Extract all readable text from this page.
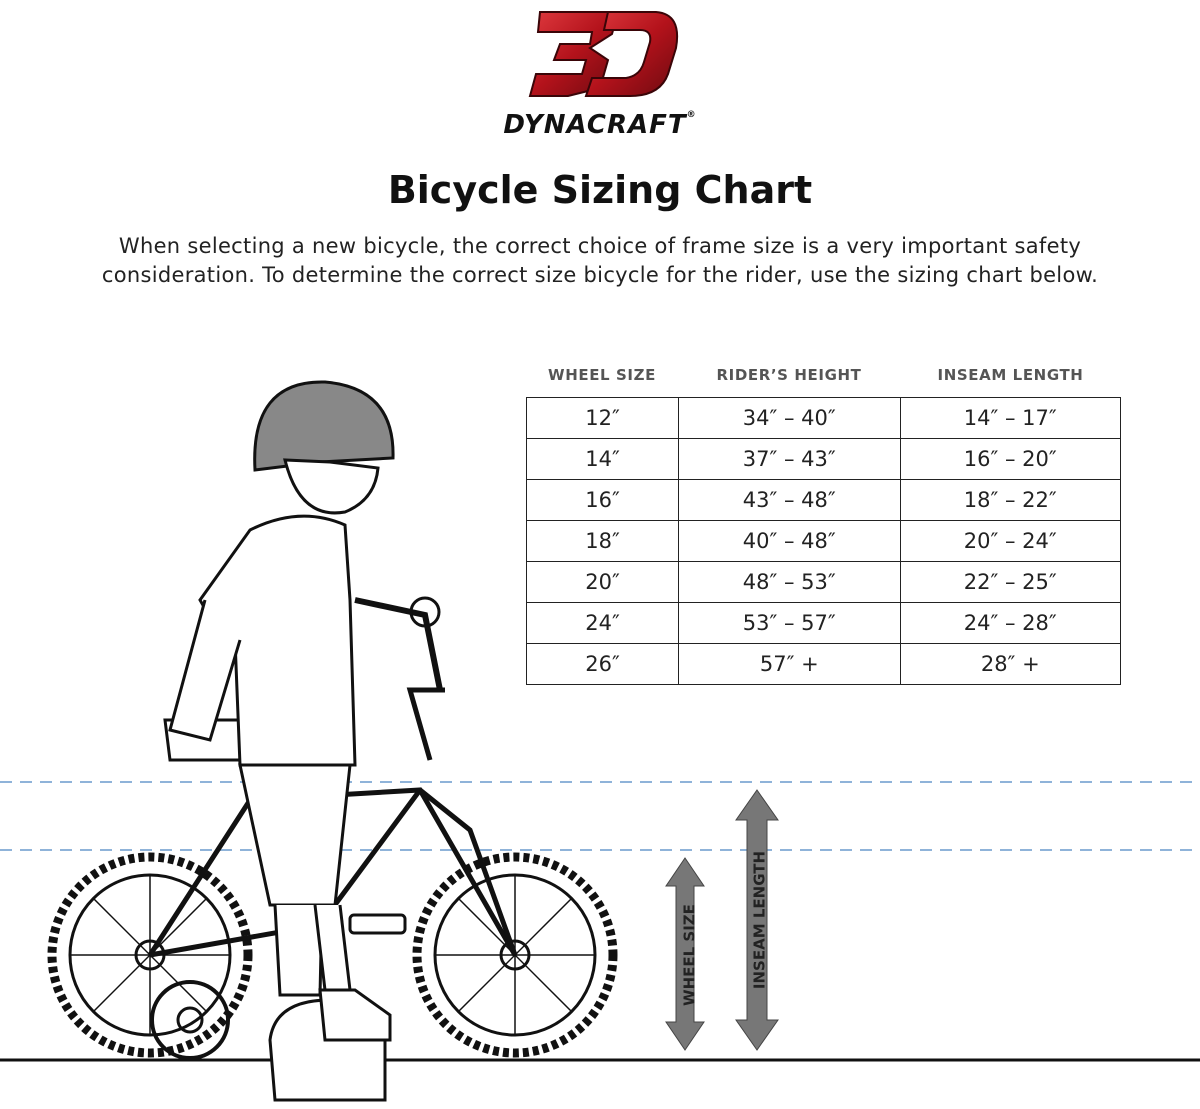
DYNACRAFT®
Bicycle Sizing Chart
When selecting a new bicycle, the correct choice of frame size is a very important safety consideration. To determine the correct size bicycle for the rider, use the sizing chart below.
WHEEL SIZE	RIDER’S HEIGHT	INSEAM LENGTH
12″	34″ – 40″	14″ – 17″
14″	37″ – 43″	16″ – 20″
16″	43″ – 48″	18″ – 22″
18″	40″ – 48″	20″ – 24″
20″	48″ – 53″	22″ – 25″
24″	53″ – 57″	24″ – 28″
26″	57″ +	28″ +
WHEEL SIZE	INSEAM LENGTH
